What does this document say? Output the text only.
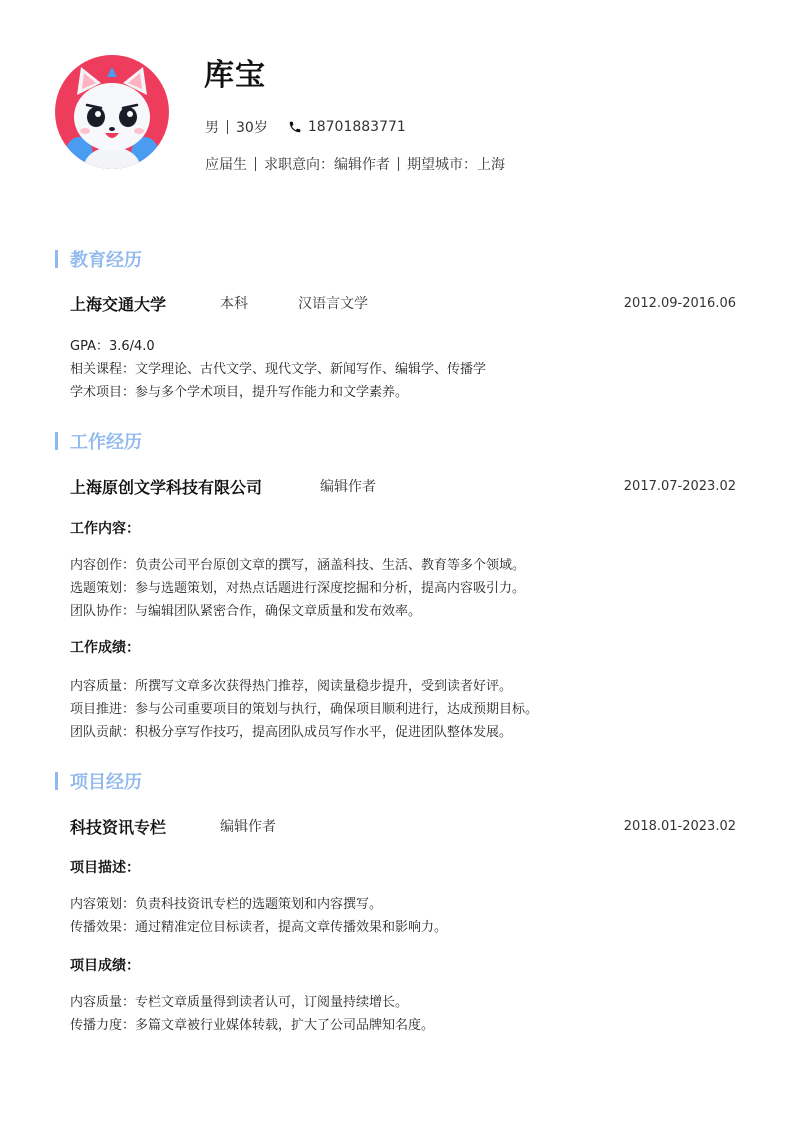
库宝
男 30岁	18701883771
应届生 求职意向：编辑作者 期望城市：上海
教育经历
上海交通大学	本科	汉语言文学	2012.09-2016.06
GPA：3.6/4.0
相关课程：文学理论、古代文学、现代文学、新闻写作、编辑学、传播学
学术项目：参与多个学术项目，提升写作能力和文学素养。
工作经历
上海原创文学科技有限公司	编辑作者	2017.07-2023.02
工作内容：
内容创作：负责公司平台原创文章的撰写，涵盖科技、生活、教育等多个领域。
选题策划：参与选题策划，对热点话题进行深度挖掘和分析，提高内容吸引力。
团队协作：与编辑团队紧密合作，确保文章质量和发布效率。
工作成绩：
内容质量：所撰写文章多次获得热门推荐，阅读量稳步提升，受到读者好评。
项目推进：参与公司重要项目的策划与执行，确保项目顺利进行，达成预期目标。
团队贡献：积极分享写作技巧，提高团队成员写作水平，促进团队整体发展。
项目经历
科技资讯专栏	编辑作者	2018.01-2023.02
项目描述：
内容策划：负责科技资讯专栏的选题策划和内容撰写。
传播效果：通过精准定位目标读者，提高文章传播效果和影响力。
项目成绩：
内容质量：专栏文章质量得到读者认可，订阅量持续增长。
传播力度：多篇文章被行业媒体转载，扩大了公司品牌知名度。
